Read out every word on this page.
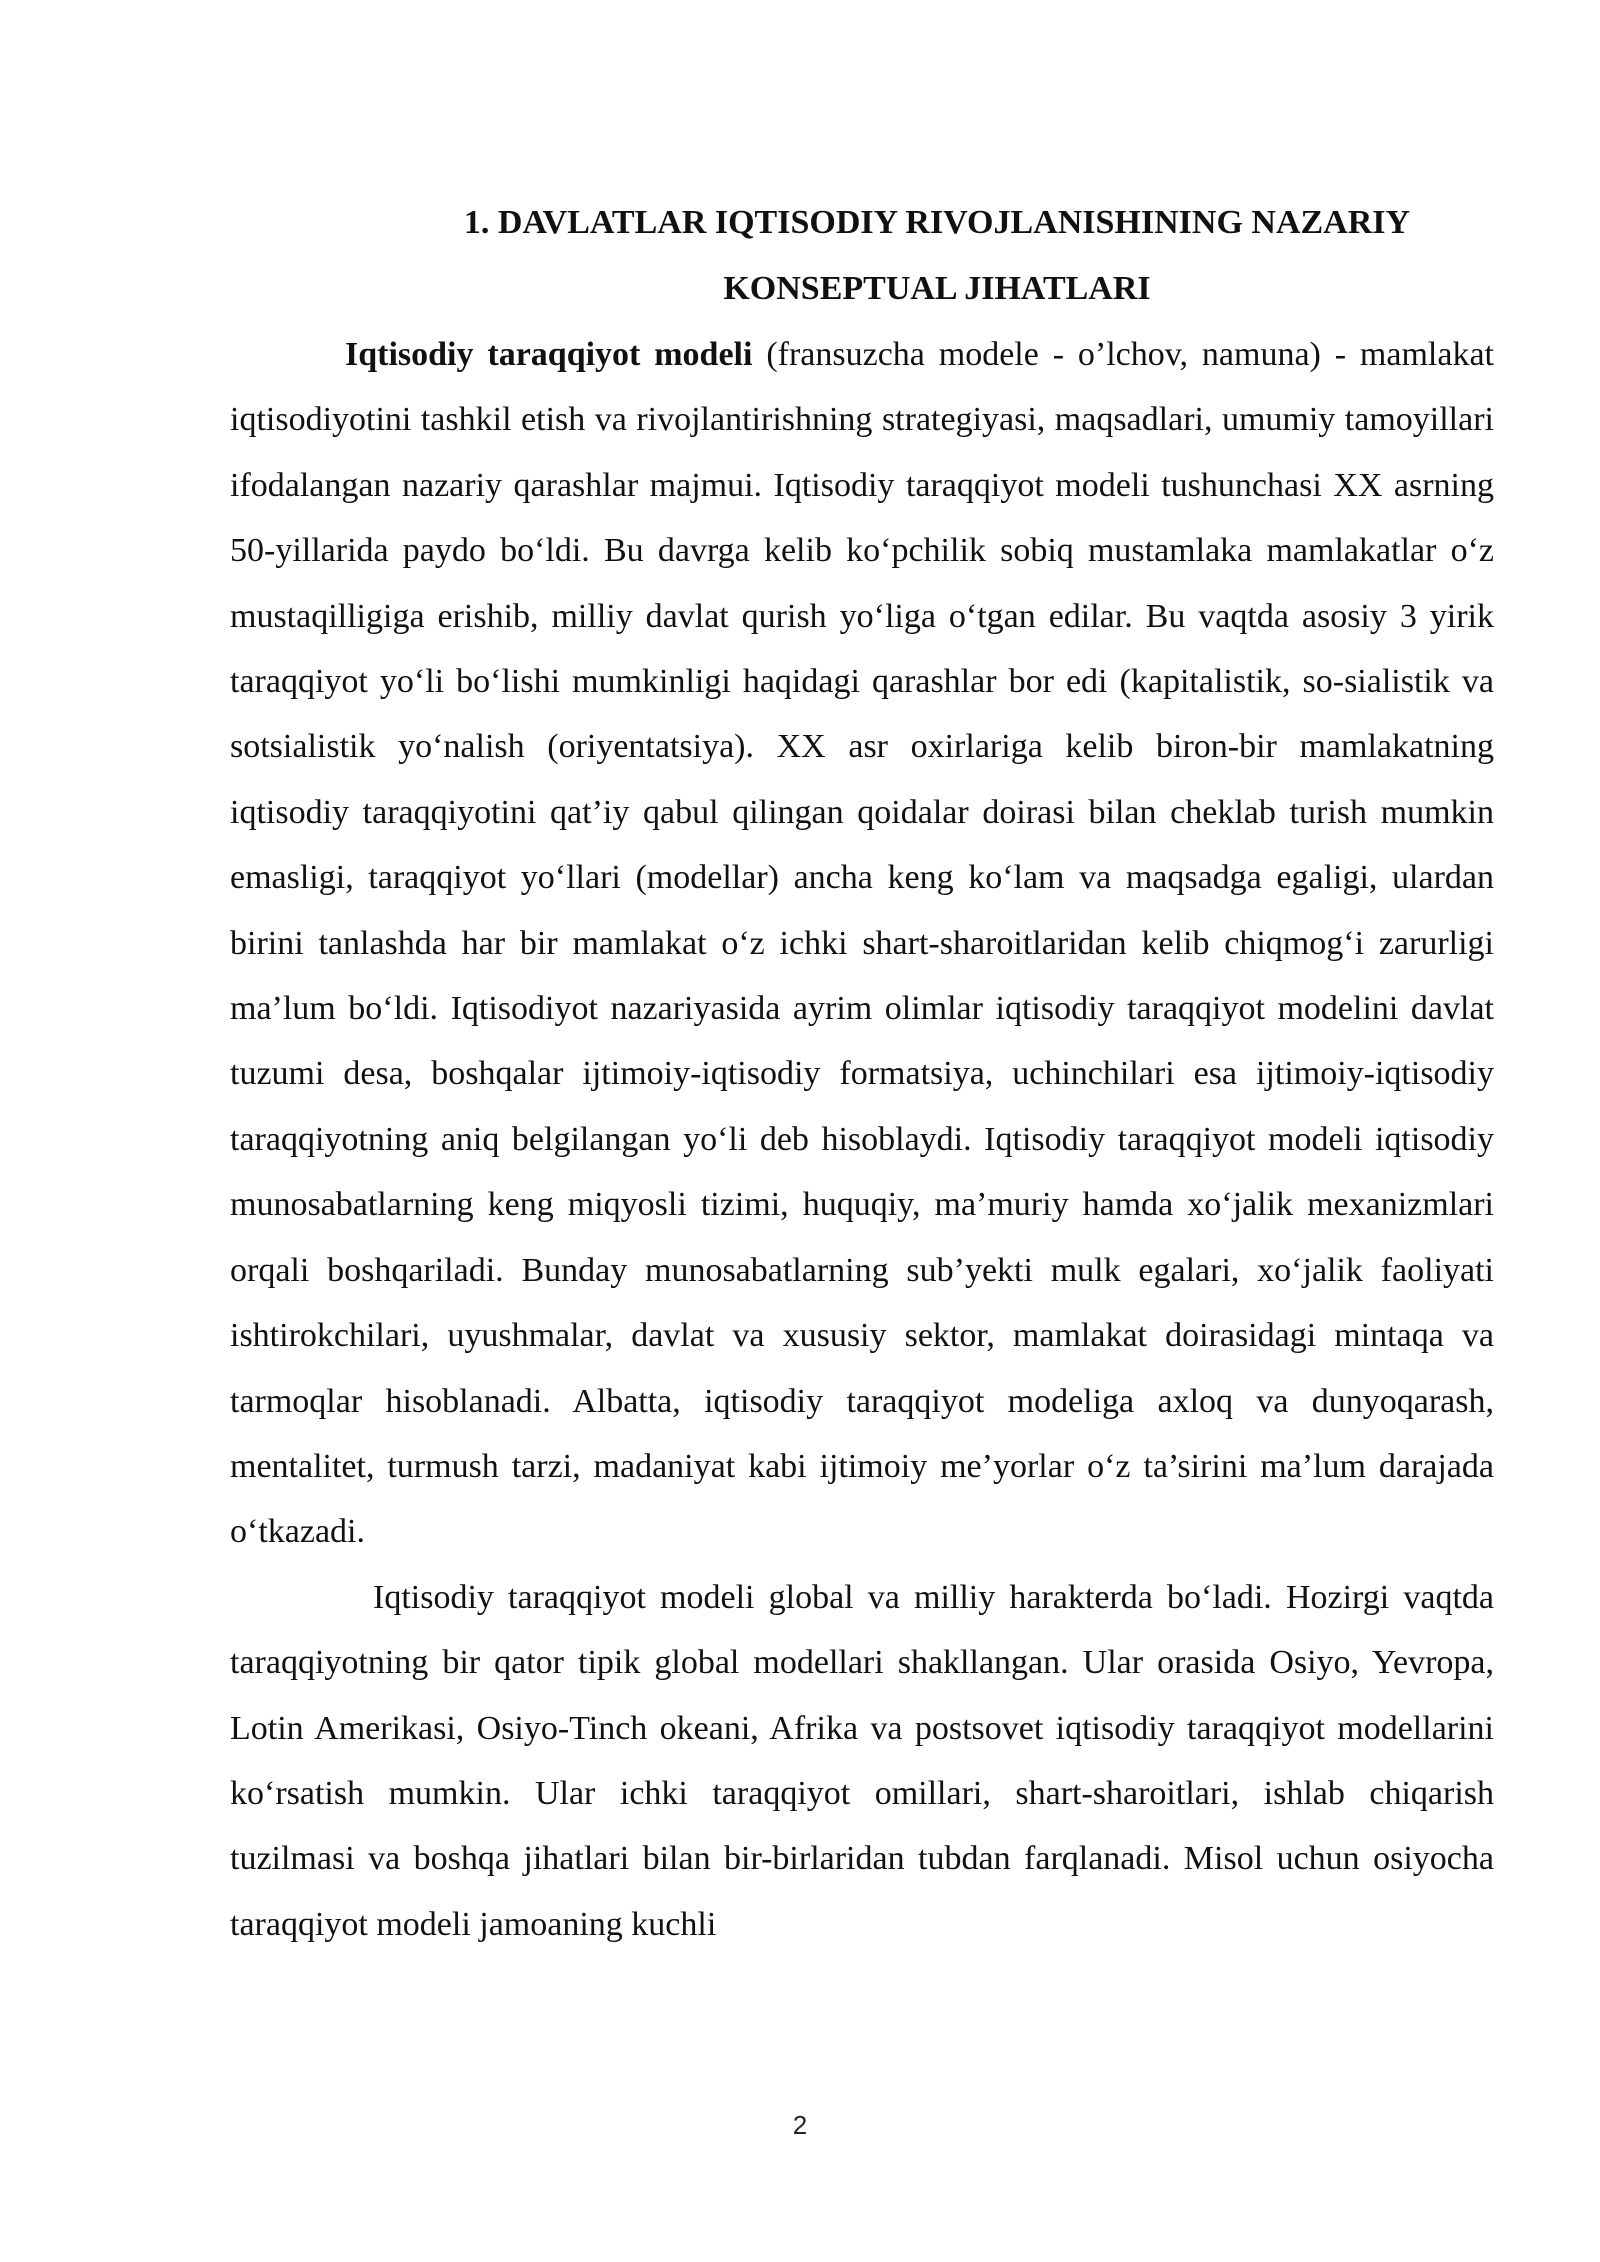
1. DAVLATLAR IQTISODIY RIVOJLANISHINING NAZARIY

KONSEPTUAL JIHATLARI

Iqtisodiy taraqqiyot modeli (fransuzcha modele - o’lchov, namuna) - mamlakat iqtisodiyotini tashkil etish va rivojlantirishning strategiyasi, maqsadlari, umumiy tamoyillari ifodalangan nazariy qarashlar majmui. Iqtisodiy taraqqiyot modeli tushunchasi XX asrning 50-yillarida paydo bo‘ldi. Bu davrga kelib ko‘pchilik sobiq mustamlaka mamlakatlar o‘z mustaqilligiga erishib, milliy davlat qurish yo‘liga o‘tgan edilar. Bu vaqtda asosiy 3 yirik taraqqiyot yo‘li bo‘lishi mumkinligi haqidagi qarashlar bor edi (kapitalistik, so-sialistik va sotsialistik yo‘nalish (oriyentatsiya). XX asr oxirlariga kelib biron-bir mamlakatning iqtisodiy taraqqiyotini qat’iy qabul qilingan qoidalar doirasi bilan cheklab turish mumkin emasligi, taraqqiyot yo‘llari (modellar) ancha keng ko‘lam va maqsadga egaligi, ulardan birini tanlashda har bir mamlakat o‘z ichki shart-sharoitlaridan kelib chiqmog‘i zarurligi ma’lum bo‘ldi. Iqtisodiyot nazariyasida ayrim olimlar iqtisodiy taraqqiyot modelini davlat tuzumi desa, boshqalar ijtimoiy-iqtisodiy formatsiya, uchinchilari esa ijtimoiy-iqtisodiy taraqqiyotning aniq belgilangan yo‘li deb hisoblaydi. Iqtisodiy taraqqiyot modeli iqtisodiy munosabatlarning keng miqyosli tizimi, huquqiy, ma’muriy hamda xo‘jalik mexanizmlari orqali boshqariladi. Bunday munosabatlarning sub’yekti mulk egalari, xo‘jalik faoliyati ishtirokchilari, uyushmalar, davlat va xususiy sektor, mamlakat doirasidagi mintaqa va tarmoqlar hisoblanadi. Albatta, iqtisodiy taraqqiyot modeliga axloq va dunyoqarash, mentalitet, turmush tarzi, madaniyat kabi ijtimoiy me’yorlar o‘z ta’sirini ma’lum darajada o‘tkazadi.

Iqtisodiy taraqqiyot modeli global va milliy harakterda bo‘ladi. Hozirgi vaqtda taraqqiyotning bir qator tipik global modellari shakllangan. Ular orasida Osiyo, Yevropa, Lotin Amerikasi, Osiyo-Tinch okeani, Afrika va postsovet iqtisodiy taraqqiyot modellarini ko‘rsatish mumkin. Ular ichki taraqqiyot omillari, shart-sharoitlari, ishlab chiqarish tuzilmasi va boshqa jihatlari bilan bir-birlaridan tubdan farqlanadi. Misol uchun osiyocha taraqqiyot modeli jamoaning kuchli

2
